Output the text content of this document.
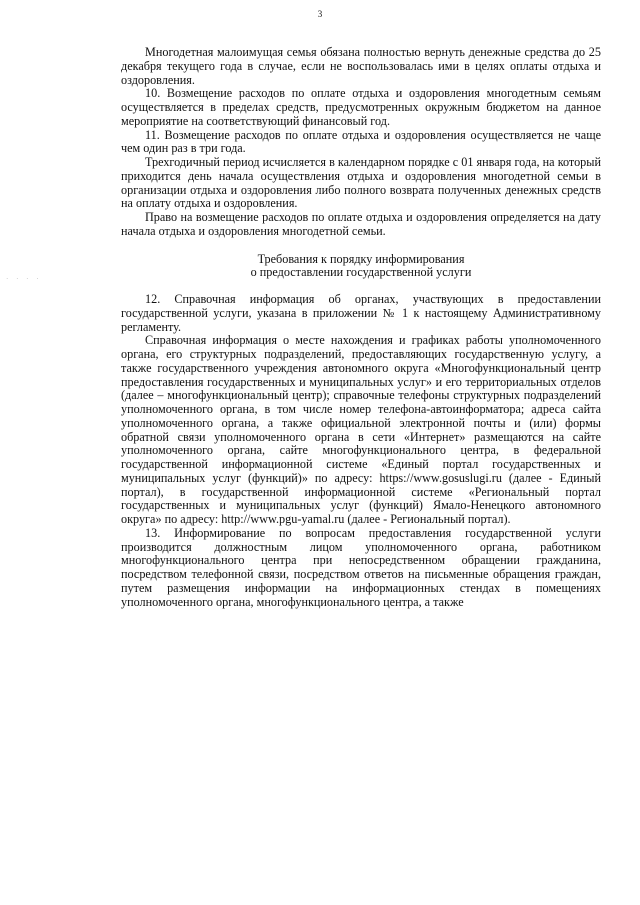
3
· · · ·

Многодетная малоимущая семья обязана полностью вернуть денежные средства до 25 декабря текущего года в случае, если не воспользовалась ими в целях оплаты отдыха и оздоровления.

10. Возмещение расходов по оплате отдыха и оздоровления многодетным семьям осуществляется в пределах средств, предусмотренных окружным бюджетом на данное мероприятие на соответствующий финансовый год.

11. Возмещение расходов по оплате отдыха и оздоровления осуществляется не чаще чем один раз в три года.

Трехгодичный период исчисляется в календарном порядке с 01 января года, на который приходится день начала осуществления отдыха и оздоровления многодетной семьи в организации отдыха и оздоровления либо полного возврата полученных денежных средств на оплату отдыха и оздоровления.

Право на возмещение расходов по оплате отдыха и оздоровления определяется на дату начала отдыха и оздоровления многодетной семьи.

Требования к порядку информирования

о предоставлении государственной услуги

12. Справочная информация об органах, участвующих в предоставлении государственной услуги, указана в приложении № 1 к настоящему Административному регламенту.

Справочная информация о месте нахождения и графиках работы уполномоченного органа, его структурных подразделений, предоставляющих государственную услугу, а также государственного учреждения автономного округа «Многофункциональный центр предоставления государственных и муниципальных услуг» и его территориальных отделов (далее – многофункциональный центр); справочные телефоны структурных подразделений уполномоченного органа, в том числе номер телефона-автоинформатора; адреса сайта уполномоченного органа, а также официальной электронной почты и (или) формы обратной связи уполномоченного органа в сети «Интернет» размещаются на сайте уполномоченного органа, сайте многофункционального центра, в федеральной государственной информационной системе «Единый портал государственных и муниципальных услуг (функций)» по адресу: https://www.gosuslugi.ru (далее - Единый портал), в государственной информационной системе «Региональный портал государственных и муниципальных услуг (функций) Ямало-Ненецкого автономного округа» по адресу: http://www.pgu-yamal.ru (далее - Региональный портал).

13. Информирование по вопросам предоставления государственной услуги производится должностным лицом уполномоченного органа, работником многофункционального центра при непосредственном обращении гражданина, посредством телефонной связи, посредством ответов на письменные обращения граждан, путем размещения информации на информационных стендах в помещениях уполномоченного органа, многофункционального центра, а также
